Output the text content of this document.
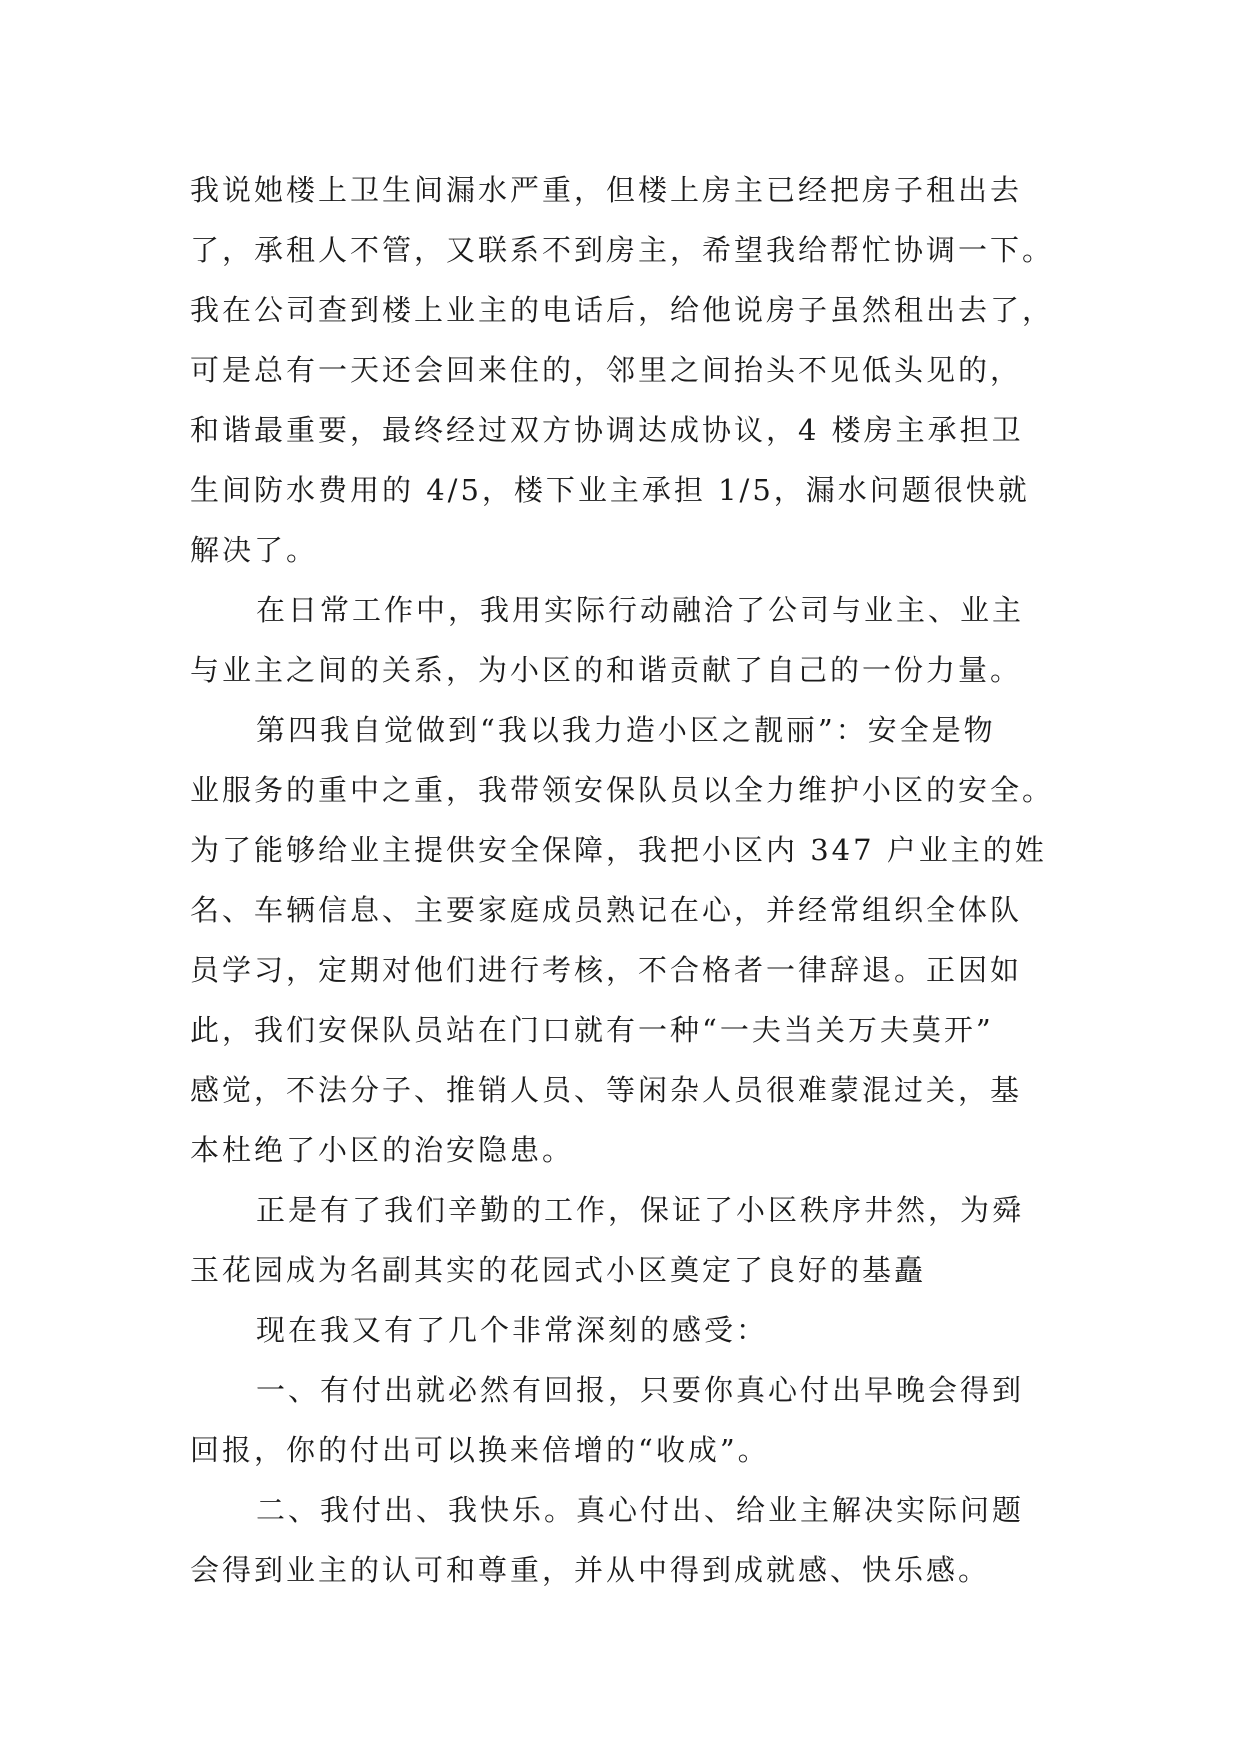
我说她楼上卫生间漏水严重，但楼上房主已经把房子租出去
了，承租人不管，又联系不到房主，希望我给帮忙协调一下。
我在公司查到楼上业主的电话后，给他说房子虽然租出去了，
可是总有一天还会回来住的，邻里之间抬头不见低头见的，
和谐最重要，最终经过双方协调达成协议，4 楼房主承担卫
生间防水费用的 4/5，楼下业主承担 1/5，漏水问题很快就
解决了。
在日常工作中，我用实际行动融洽了公司与业主、业主
与业主之间的关系，为小区的和谐贡献了自己的一份力量。
第四我自觉做到“我以我力造小区之靓丽”：安全是物
业服务的重中之重，我带领安保队员以全力维护小区的安全。
为了能够给业主提供安全保障，我把小区内 347 户业主的姓
名、车辆信息、主要家庭成员熟记在心，并经常组织全体队
员学习，定期对他们进行考核，不合格者一律辞退。正因如
此，我们安保队员站在门口就有一种“一夫当关万夫莫开”
感觉，不法分子、推销人员、等闲杂人员很难蒙混过关，基
本杜绝了小区的治安隐患。
正是有了我们辛勤的工作，保证了小区秩序井然，为舜
玉花园成为名副其实的花园式小区奠定了良好的基矗
现在我又有了几个非常深刻的感受：
一、有付出就必然有回报，只要你真心付出早晚会得到
回报，你的付出可以换来倍增的“收成”。
二、我付出、我快乐。真心付出、给业主解决实际问题
会得到业主的认可和尊重，并从中得到成就感、快乐感。
